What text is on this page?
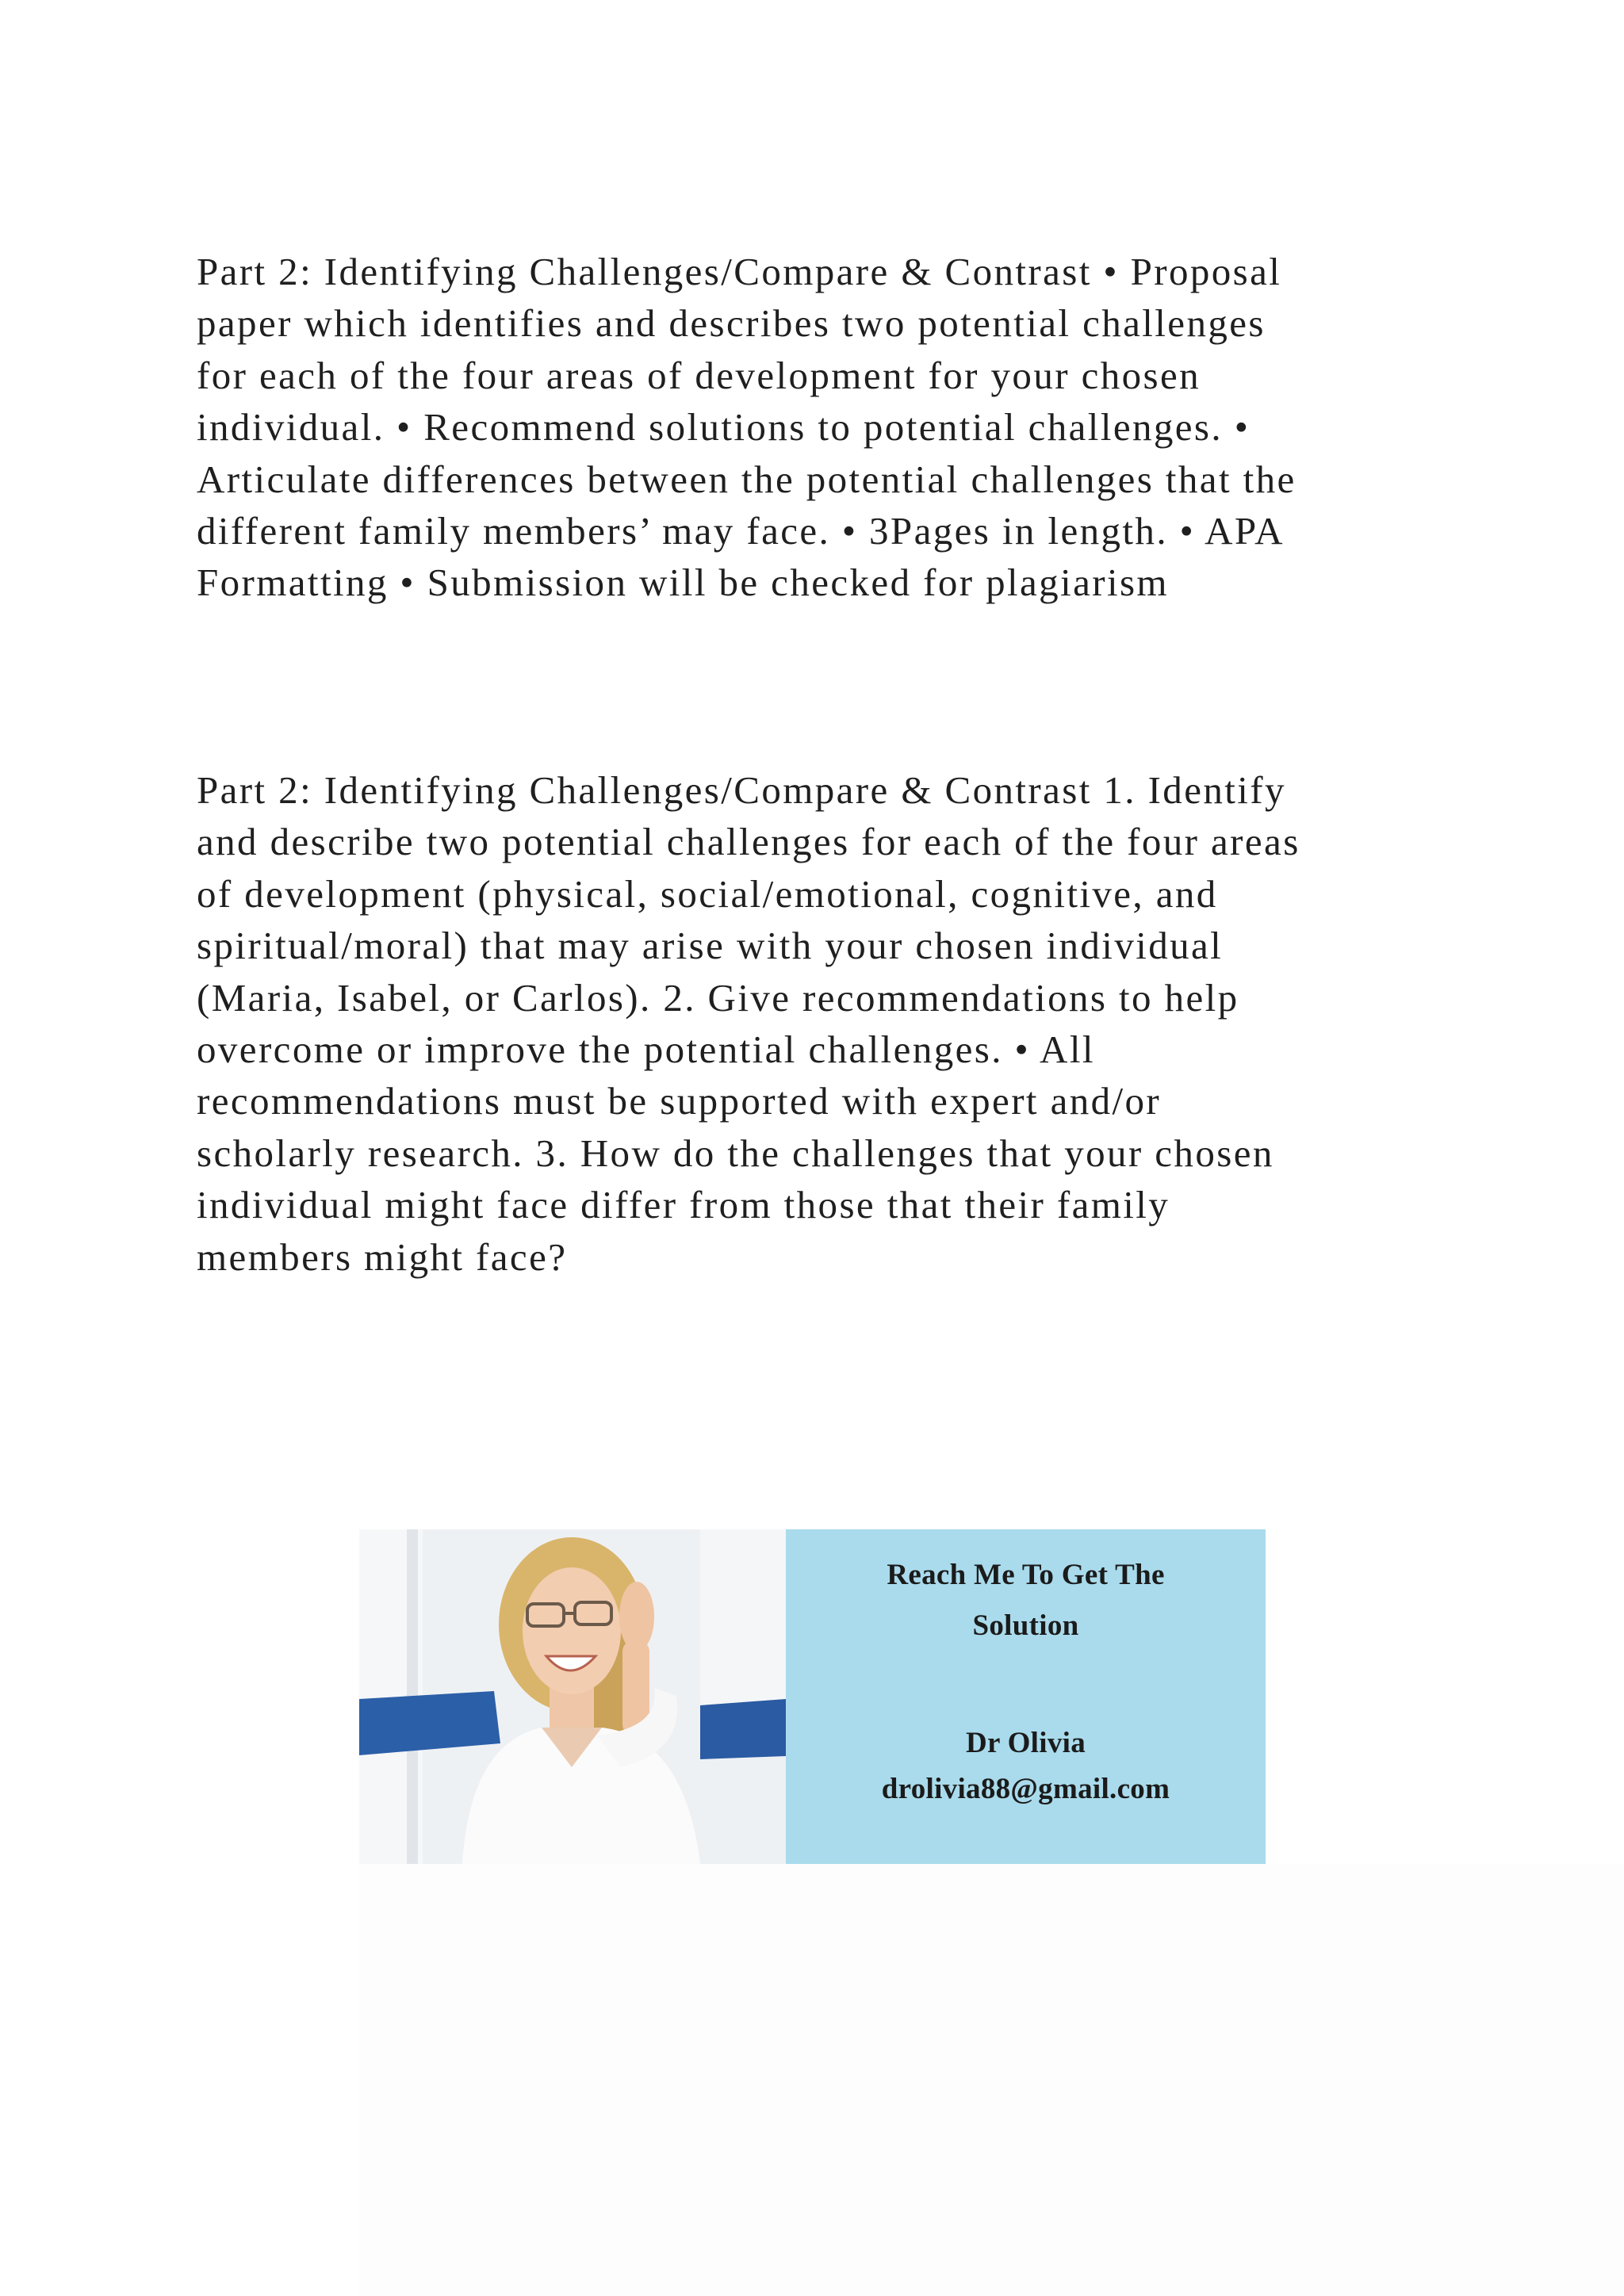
Part 2: Identifying Challenges/Compare & Contrast • Proposal
paper which identifies and describes two potential challenges
for each of the four areas of development for your chosen
individual. • Recommend solutions to potential challenges. •
Articulate differences between the potential challenges that the
different family members’ may face. • 3Pages in length. • APA
Formatting • Submission will be checked for plagiarism

Part 2: Identifying Challenges/Compare & Contrast 1. Identify
and describe two potential challenges for each of the four areas
of development (physical, social/emotional, cognitive, and
spiritual/moral) that may arise with your chosen individual
(Maria, Isabel, or Carlos). 2. Give recommendations to help
overcome or improve the potential challenges. • All
recommendations must be supported with expert and/or
scholarly research. 3. How do the challenges that your chosen
individual might face differ from those that their family
members might face?

Reach Me To Get The
Solution
Dr Olivia
drolivia88@gmail.com
